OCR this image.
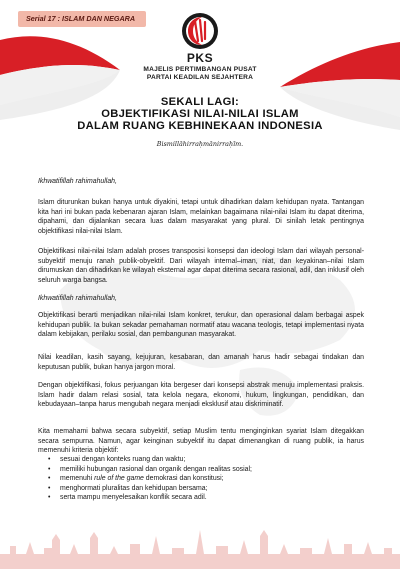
Serial 17 : ISLAM DAN NEGARA
PKS
MAJELIS PERTIMBANGAN PUSAT
PARTAI KEADILAN SEJAHTERA
SEKALI LAGI:
OBJEKTIFIKASI NILAI-NILAI ISLAM
DALAM RUANG KEBHINEKAAN INDONESIA
Bismillāhirraḥmānirraḥīm.

Ikhwatifillah rahimahullah,

Islam diturunkan bukan hanya untuk diyakini, tetapi untuk dihadirkan dalam kehidupan nyata. Tantangan kita hari ini bukan pada kebenaran ajaran Islam, melainkan bagaimana nilai-nilai Islam itu dapat diterima, dipahami, dan dijalankan secara luas dalam masyarakat yang plural. Di sinilah letak pentingnya objektifikasi nilai-nilai Islam.

Objektifikasi nilai-nilai Islam adalah proses transposisi konsepsi dan ideologi Islam dari wilayah personal-subyektif menuju ranah publik-obyektif. Dari wilayah internal–iman, niat, dan keyakinan–nilai Islam dirumuskan dan dihadirkan ke wilayah eksternal agar dapat diterima secara rasional, adil, dan inklusif oleh seluruh warga bangsa.

Ikhwatifillah rahimahullah,

Objektifikasi berarti menjadikan nilai-nilai Islam konkret, terukur, dan operasional dalam berbagai aspek kehidupan publik. Ia bukan sekadar pemahaman normatif atau wacana teologis, tetapi implementasi nyata dalam kebijakan, perilaku sosial, dan pembangunan masyarakat.

Nilai keadilan, kasih sayang, kejujuran, kesabaran, dan amanah harus hadir sebagai tindakan dan keputusan publik, bukan hanya jargon moral.

Dengan objektifikasi, fokus perjuangan kita bergeser dari konsepsi abstrak menuju implementasi praksis. Islam hadir dalam relasi sosial, tata kelola negara, ekonomi, hukum, lingkungan, pendidikan, dan kebudayaan–tanpa harus mengubah negara menjadi eksklusif atau diskriminatif.

Kita memahami bahwa secara subyektif, setiap Muslim tentu menginginkan syariat Islam ditegakkan secara sempurna. Namun, agar keinginan subyektif itu dapat dimenangkan di ruang publik, ia harus memenuhi kriteria objektif:

• sesuai dengan konteks ruang dan waktu;
• memiliki hubungan rasional dan organik dengan realitas sosial;
• memenuhi rule of the game demokrasi dan konstitusi;
• menghormati pluralitas dan kehidupan bersama;
• serta mampu menyelesaikan konflik secara adil.
